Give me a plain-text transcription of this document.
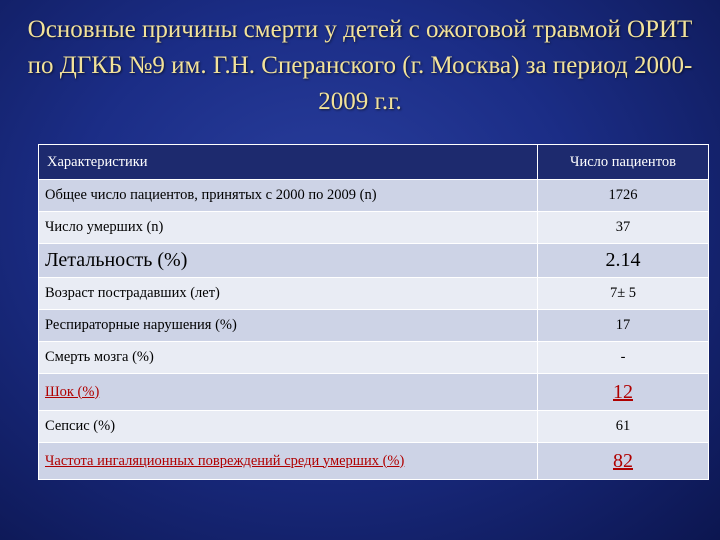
Основные причины смерти у детей с ожоговой травмой ОРИТ по ДГКБ №9 им. Г.Н. Сперанского (г. Москва) за период 2000-2009 г.г.
Характеристики	Число пациентов
Общее число пациентов, принятых с 2000 по 2009 (n)	1726
Число умерших (n)	37
Летальность (%)	2.14
Возраст пострадавших (лет)	7± 5
Респираторные нарушения (%)	17
Смерть мозга (%)	-
Шок (%)	12
Сепсис (%)	61
Частота ингаляционных повреждений среди умерших (%)	82
